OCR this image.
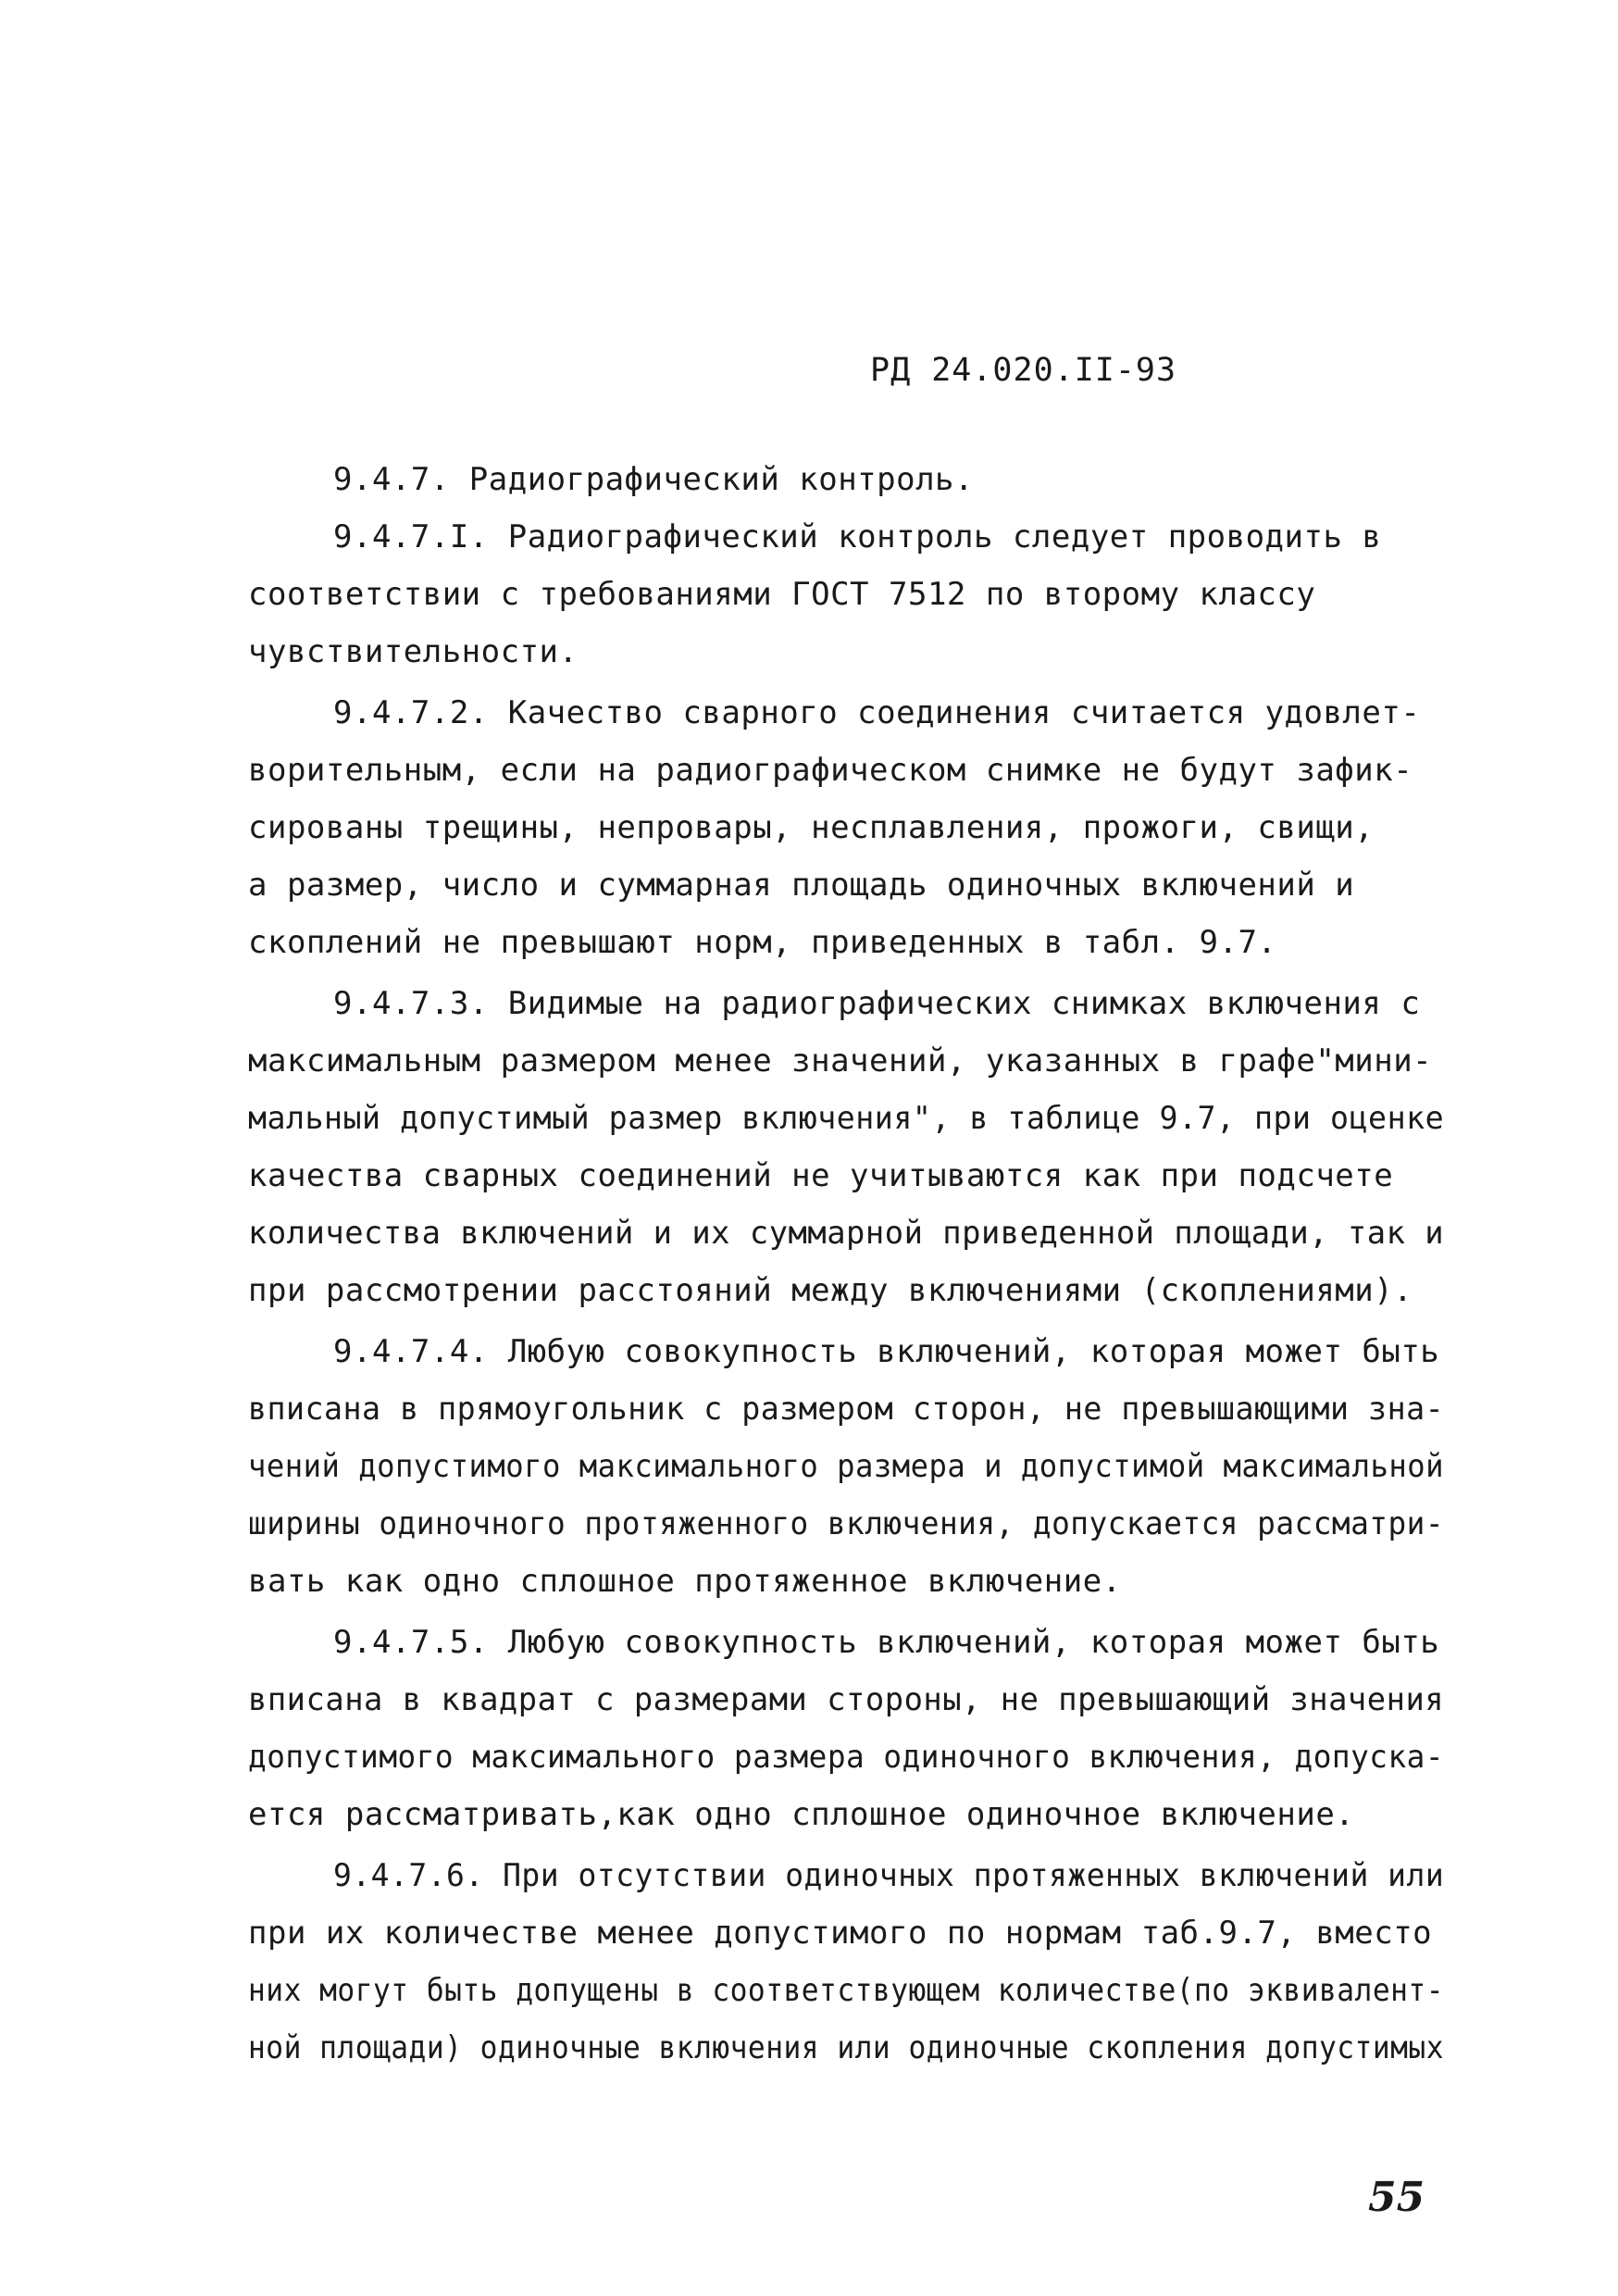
РД 24.020.II-93
9.4.7. Радиографический контроль.
9.4.7.I. Радиографический контроль следует проводить в
соответствии с требованиями ГОСТ 7512 по второму классу
чувствительности.
9.4.7.2. Качество сварного соединения считается удовлет-
ворительным, если на радиографическом снимке не будут зафик-
сированы трещины, непровары, несплавления, прожоги, свищи,
а размер, число и суммарная площадь одиночных включений и
скоплений не превышают норм, приведенных в табл. 9.7.
9.4.7.3. Видимые на радиографических снимках включения с
максимальным размером менее значений, указанных в графе"мини-
мальный допустимый размер включения", в таблице 9.7, при оценке
качества сварных соединений не учитываются как при подсчете
количества включений и их суммарной приведенной площади, так и
при рассмотрении расстояний между включениями (скоплениями).
9.4.7.4. Любую совокупность включений, которая может быть
вписана в прямоугольник с размером сторон, не превышающими зна-
чений допустимого максимального размера и допустимой максимальной
ширины одиночного протяженного включения, допускается рассматри-
вать как одно сплошное протяженное включение.
9.4.7.5. Любую совокупность включений, которая может быть
вписана в квадрат с размерами стороны, не превышающий значения
допустимого максимального размера одиночного включения, допуска-
ется рассматривать,как одно сплошное одиночное включение.
9.4.7.6. При отсутствии одиночных протяженных включений или
при их количестве менее допустимого по нормам таб.9.7, вместо
них могут быть допущены в соответствующем количестве(по эквивалент-
ной площади) одиночные включения или одиночные скопления допустимых
55
